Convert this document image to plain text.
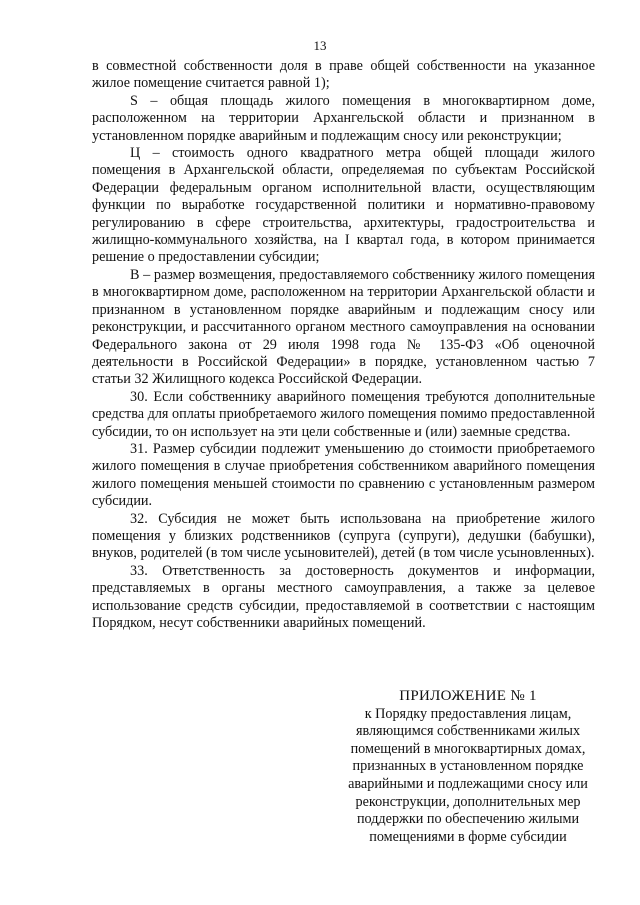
13

в совместной собственности доля в праве общей собственности на указанное жилое помещение считается равной 1);

S – общая площадь жилого помещения в многоквартирном доме, расположенном на территории Архангельской области и признанном в установленном порядке аварийным и подлежащим сносу или реконструкции;

Ц – стоимость одного квадратного метра общей площади жилого помещения в Архангельской области, определяемая по субъектам Российской Федерации федеральным органом исполнительной власти, осуществляющим функции по выработке государственной политики и нормативно-правовому регулированию в сфере строительства, архитектуры, градостроительства и жилищно-коммунального хозяйства, на I квартал года, в котором принимается решение о предоставлении субсидии;

В – размер возмещения, предоставляемого собственнику жилого помещения в многоквартирном доме, расположенном на территории Архангельской области и признанном в установленном порядке аварийным и подлежащим сносу или реконструкции, и рассчитанного органом местного самоуправления на основании Федерального закона от 29 июля 1998 года № 135-ФЗ «Об оценочной деятельности в Российской Федерации» в порядке, установленном частью 7 статьи 32 Жилищного кодекса Российской Федерации.

30. Если собственнику аварийного помещения требуются дополнительные средства для оплаты приобретаемого жилого помещения помимо предоставленной субсидии, то он использует на эти цели собственные и (или) заемные средства.

31. Размер субсидии подлежит уменьшению до стоимости приобретаемого жилого помещения в случае приобретения собственником аварийного помещения жилого помещения меньшей стоимости по сравнению с установленным размером субсидии.

32. Субсидия не может быть использована на приобретение жилого помещения у близких родственников (супруга (супруги), дедушки (бабушки), внуков, родителей (в том числе усыновителей), детей (в том числе усыновленных).

33. Ответственность за достоверность документов и информации, представляемых в органы местного самоуправления, а также за целевое использование средств субсидии, предоставляемой в соответствии с настоящим Порядком, несут собственники аварийных помещений.

ПРИЛОЖЕНИЕ № 1
к Порядку предоставления лицам,
являющимся собственниками жилых
помещений в многоквартирных домах,
признанных в установленном порядке
аварийными и подлежащими сносу или
реконструкции, дополнительных мер
поддержки по обеспечению жилыми
помещениями в форме субсидии
